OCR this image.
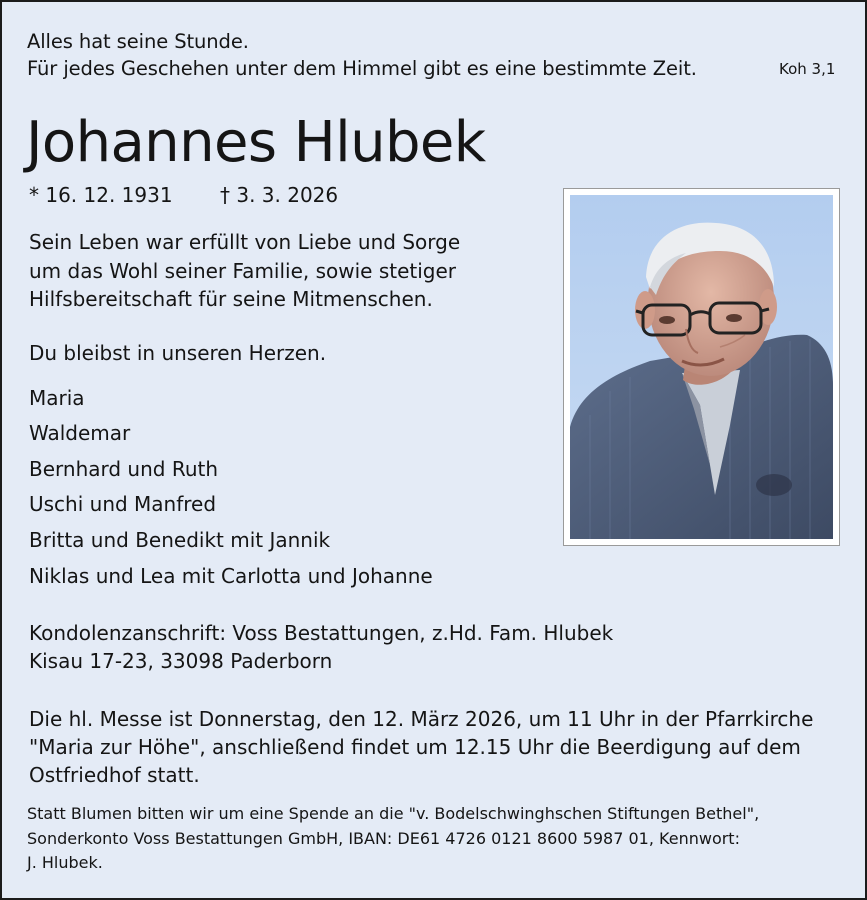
Alles hat seine Stunde.
Für jedes Geschehen unter dem Himmel gibt es eine bestimmte Zeit.	Koh 3,1
Johannes Hlubek
* 16. 12. 1931 † 3. 3. 2026
Sein Leben war erfüllt von Liebe und Sorge
um das Wohl seiner Familie, sowie stetiger
Hilfsbereitschaft für seine Mitmenschen.
Du bleibst in unseren Herzen.
Maria
Waldemar
Bernhard und Ruth
Uschi und Manfred
Britta und Benedikt mit Jannik
Niklas und Lea mit Carlotta und Johanne
Kondolenzanschrift: Voss Bestattungen, z.Hd. Fam. Hlubek
Kisau 17-23, 33098 Paderborn
Die hl. Messe ist Donnerstag, den 12. März 2026, um 11 Uhr in der Pfarrkirche
"Maria zur Höhe", anschließend findet um 12.15 Uhr die Beerdigung auf dem
Ostfriedhof statt.
Statt Blumen bitten wir um eine Spende an die "v. Bodelschwinghschen Stiftungen Bethel",
Sonderkonto Voss Bestattungen GmbH, IBAN: DE61 4726 0121 8600 5987 01, Kennwort:
J. Hlubek.
